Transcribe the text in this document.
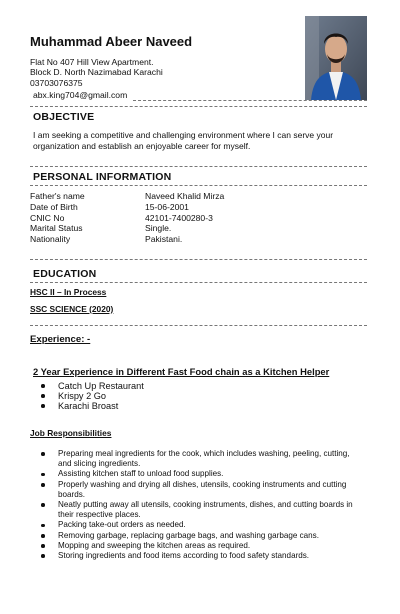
Muhammad Abeer Naveed
Flat No 407 Hill View Apartment.
Block D. North Nazimabad Karachi
03703076375
abx.king704@gmail.com
OBJECTIVE
I am seeking a competitive and challenging environment where I can serve your
organization and establish an enjoyable career for myself.
PERSONAL INFORMATION
Father's name	Naveed Khalid Mirza
Date of Birth	15-06-2001
CNIC No	42101-7400280-3
Marital Status	Single.
Nationality	Pakistani.
EDUCATION
HSC II – In Process
SSC SCIENCE (2020)
Experience: -
2 Year Experience in Different Fast Food chain as a Kitchen Helper
Catch Up Restaurant
Krispy 2 Go
Karachi Broast
Job Responsibilities
Preparing meal ingredients for the cook, which includes washing, peeling, cutting,
and slicing ingredients.
Assisting kitchen staff to unload food supplies.
Properly washing and drying all dishes, utensils, cooking instruments and cutting
boards.
Neatly putting away all utensils, cooking instruments, dishes, and cutting boards in
their respective places.
Packing take-out orders as needed.
Removing garbage, replacing garbage bags, and washing garbage cans.
Mopping and sweeping the kitchen areas as required.
Storing ingredients and food items according to food safety standards.
